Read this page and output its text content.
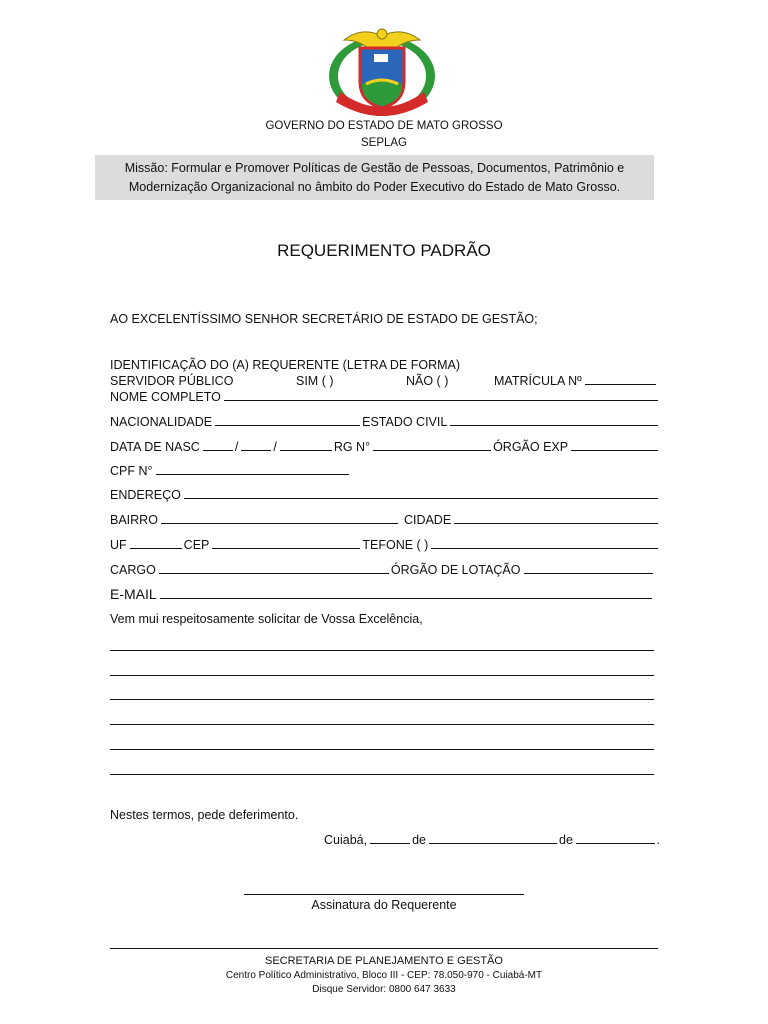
GOVERNO DO ESTADO DE MATO GROSSO
SEPLAG
Missão: Formular e Promover Políticas de Gestão de Pessoas, Documentos, Patrimônio e
Modernização Organizacional no âmbito do Poder Executivo do Estado de Mato Grosso.
REQUERIMENTO PADRÃO
AO EXCELENTÍSSIMO SENHOR SECRETÁRIO DE ESTADO DE GESTÃO;
IDENTIFICAÇÃO DO (A) REQUERENTE (LETRA DE FORMA)
SERVIDOR PÚBLICO	SIM ( )	NÃO ( )	MATRÍCULA Nº
NOME COMPLETO
NACIONALIDADE	ESTADO CIVIL
DATA DE NASC	/	/	RG N°	ÓRGÃO EXP
CPF N°
ENDEREÇO
BAIRRO	CIDADE
UF	CEP	TEFONE ( )
CARGO	ÓRGÃO DE LOTAÇÃO
E-MAIL
Vem mui respeitosamente solicitar de Vossa Excelência,
Nestes termos, pede deferimento.
Cuiabá,	de	de	.
Assinatura do Requerente
SECRETARIA DE PLANEJAMENTO E GESTÃO
Centro Político Administrativo, Bloco III - CEP: 78.050-970 - Cuiabá-MT
Disque Servidor: 0800 647 3633
